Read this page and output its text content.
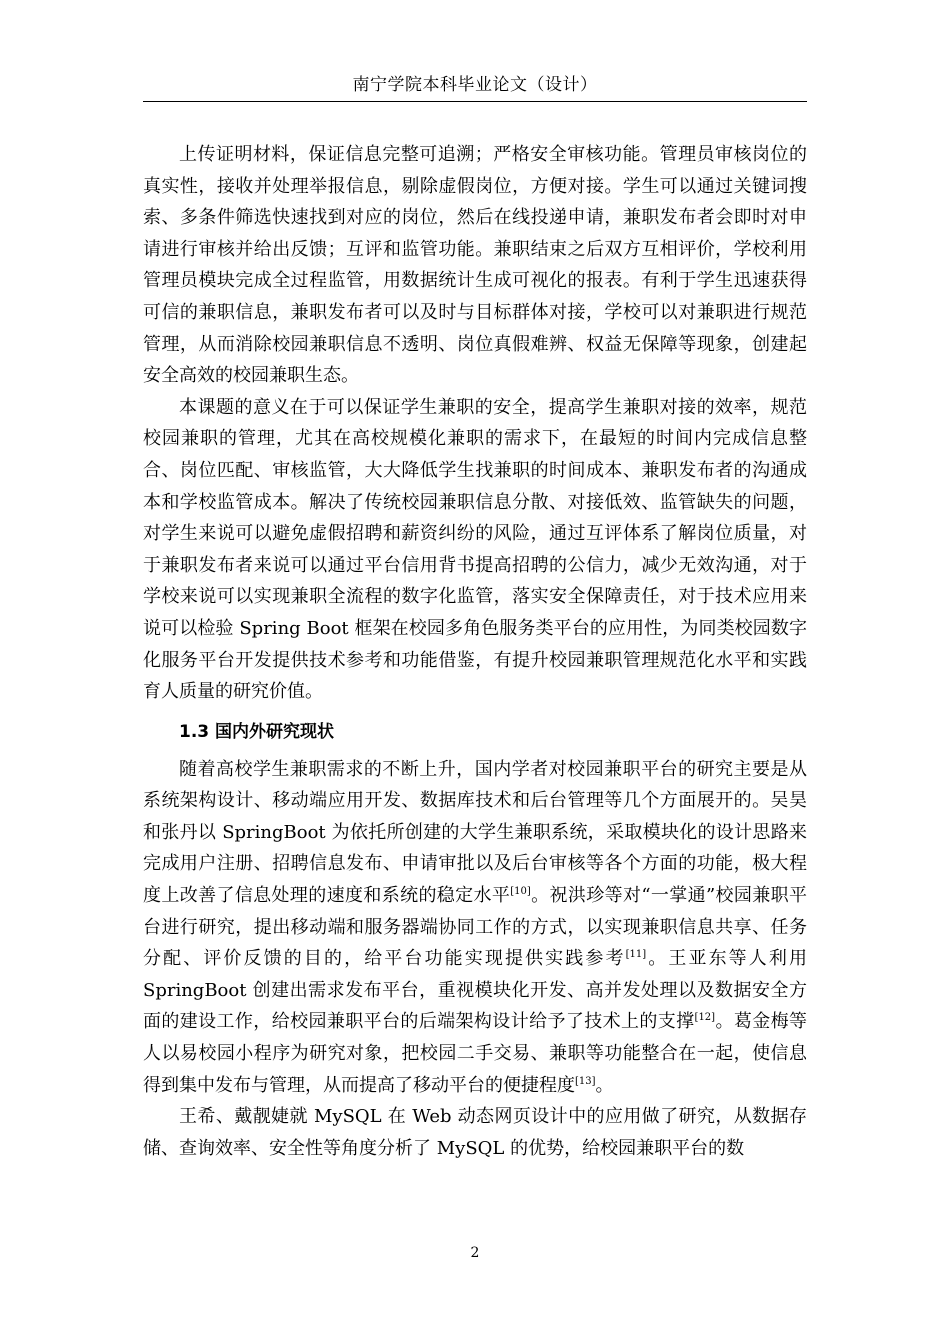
南宁学院本科毕业论文（设计）

上传证明材料，保证信息完整可追溯；严格安全审核功能。管理员审核岗位的真实性，接收并处理举报信息，剔除虚假岗位，方便对接。学生可以通过关键词搜索、多条件筛选快速找到对应的岗位，然后在线投递申请，兼职发布者会即时对申请进行审核并给出反馈；互评和监管功能。兼职结束之后双方互相评价，学校利用管理员模块完成全过程监管，用数据统计生成可视化的报表。有利于学生迅速获得可信的兼职信息，兼职发布者可以及时与目标群体对接，学校可以对兼职进行规范管理，从而消除校园兼职信息不透明、岗位真假难辨、权益无保障等现象，创建起安全高效的校园兼职生态。

本课题的意义在于可以保证学生兼职的安全，提高学生兼职对接的效率，规范校园兼职的管理，尤其在高校规模化兼职的需求下，在最短的时间内完成信息整合、岗位匹配、审核监管，大大降低学生找兼职的时间成本、兼职发布者的沟通成本和学校监管成本。解决了传统校园兼职信息分散、对接低效、监管缺失的问题，对学生来说可以避免虚假招聘和薪资纠纷的风险，通过互评体系了解岗位质量，对于兼职发布者来说可以通过平台信用背书提高招聘的公信力，减少无效沟通，对于学校来说可以实现兼职全流程的数字化监管，落实安全保障责任，对于技术应用来说可以检验 Spring Boot 框架在校园多角色服务类平台的应用性，为同类校园数字化服务平台开发提供技术参考和功能借鉴，有提升校园兼职管理规范化水平和实践育人质量的研究价值。

1.3 国内外研究现状

随着高校学生兼职需求的不断上升，国内学者对校园兼职平台的研究主要是从系统架构设计、移动端应用开发、数据库技术和后台管理等几个方面展开的。吴昊和张丹以 SpringBoot 为依托所创建的大学生兼职系统，采取模块化的设计思路来完成用户注册、招聘信息发布、申请审批以及后台审核等各个方面的功能，极大程度上改善了信息处理的速度和系统的稳定水平[10]。祝洪珍等对“一掌通”校园兼职平台进行研究，提出移动端和服务器端协同工作的方式，以实现兼职信息共享、任务分配、评价反馈的目的，给平台功能实现提供实践参考[11]。王亚东等人利用 SpringBoot 创建出需求发布平台，重视模块化开发、高并发处理以及数据安全方面的建设工作，给校园兼职平台的后端架构设计给予了技术上的支撑[12]。葛金梅等人以易校园小程序为研究对象，把校园二手交易、兼职等功能整合在一起，使信息得到集中发布与管理，从而提高了移动平台的便捷程度[13]。

王希、戴靓婕就 MySQL 在 Web 动态网页设计中的应用做了研究，从数据存储、查询效率、安全性等角度分析了 MySQL 的优势，给校园兼职平台的数

2
